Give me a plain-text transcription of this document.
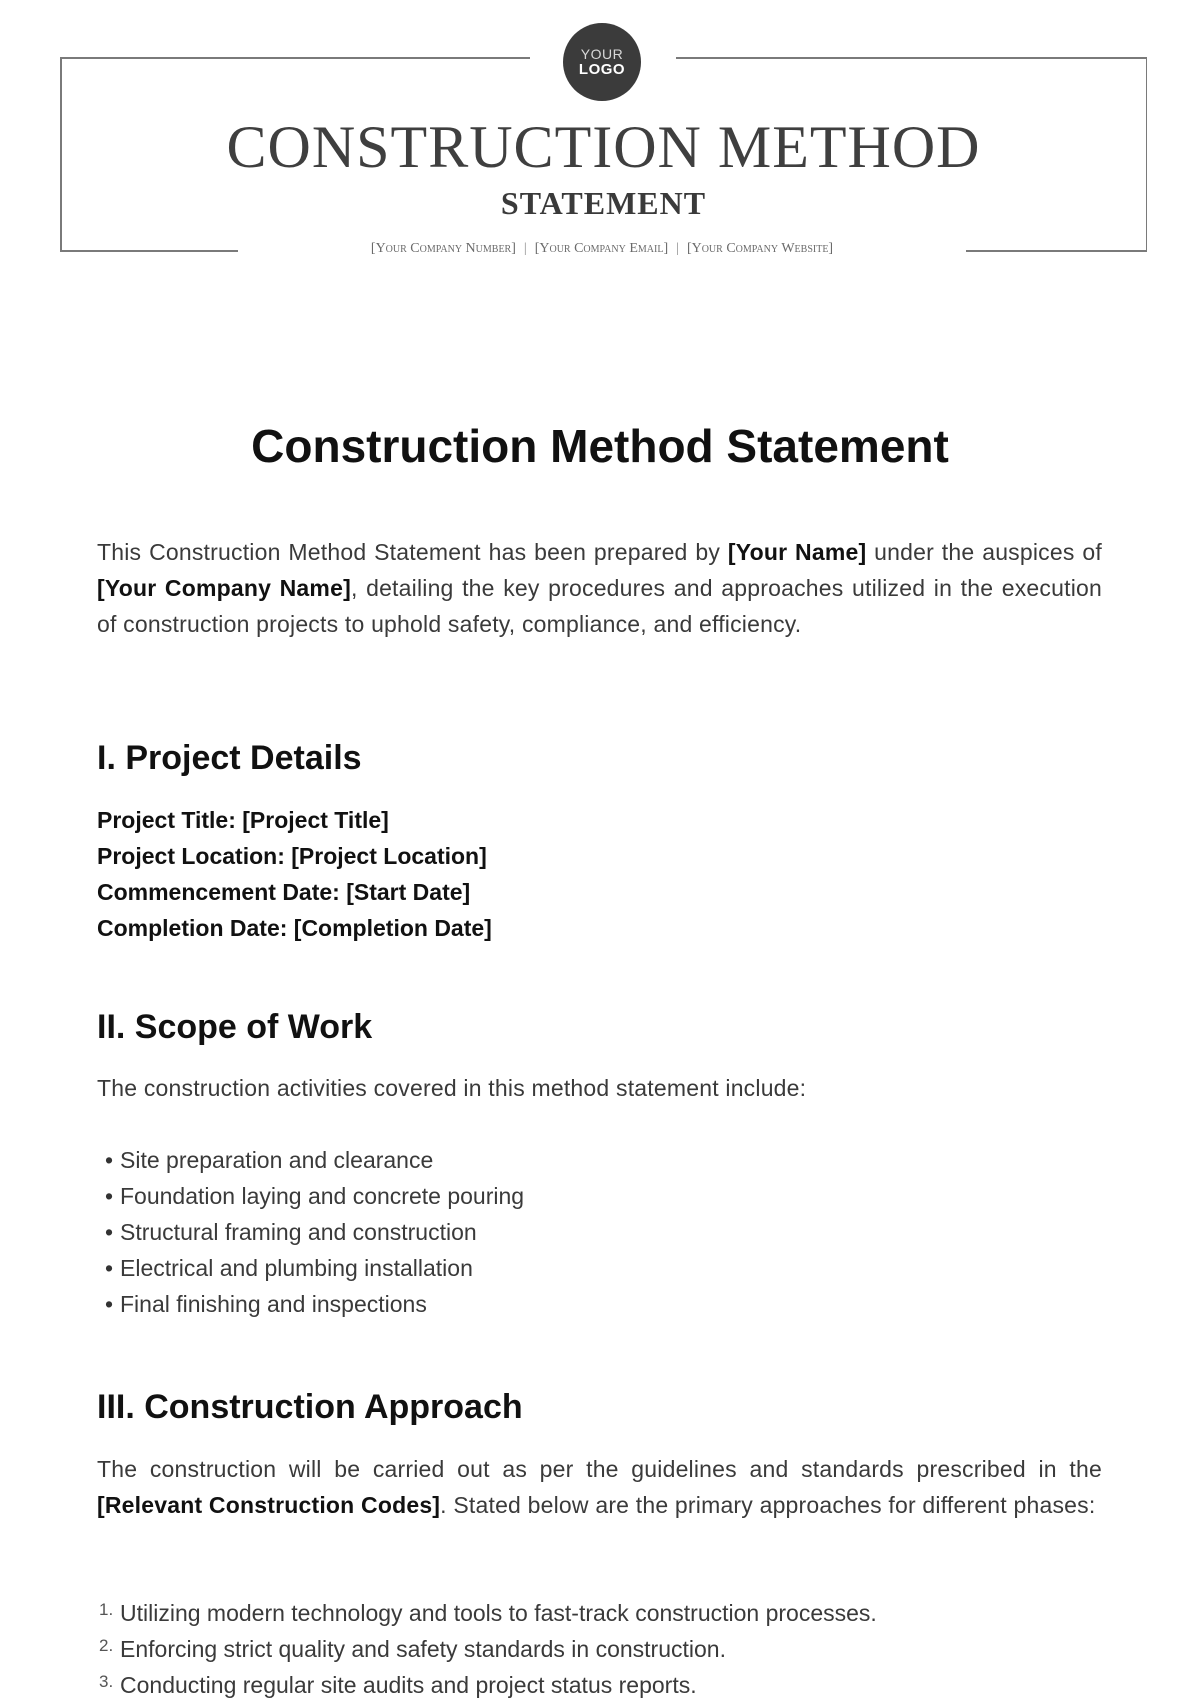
YOUR
LOGO
CONSTRUCTION METHOD
STATEMENT
[Your Company Number] | [Your Company Email] | [Your Company Website]
Construction Method Statement

This Construction Method Statement has been prepared by [Your Name] under the auspices of [Your Company Name], detailing the key procedures and approaches utilized in the execution of construction projects to uphold safety, compliance, and efficiency.

I. Project Details

Project Title: [Project Title]

Project Location: [Project Location]

Commencement Date: [Start Date]

Completion Date: [Completion Date]

II. Scope of Work

The construction activities covered in this method statement include:

• Site preparation and clearance
• Foundation laying and concrete pouring
• Structural framing and construction
• Electrical and plumbing installation
• Final finishing and inspections
III. Construction Approach

The construction will be carried out as per the guidelines and standards prescribed in the [Relevant Construction Codes]. Stated below are the primary approaches for different phases:

1. Utilizing modern technology and tools to fast-track construction processes.
2. Enforcing strict quality and safety standards in construction.
3. Conducting regular site audits and project status reports.
